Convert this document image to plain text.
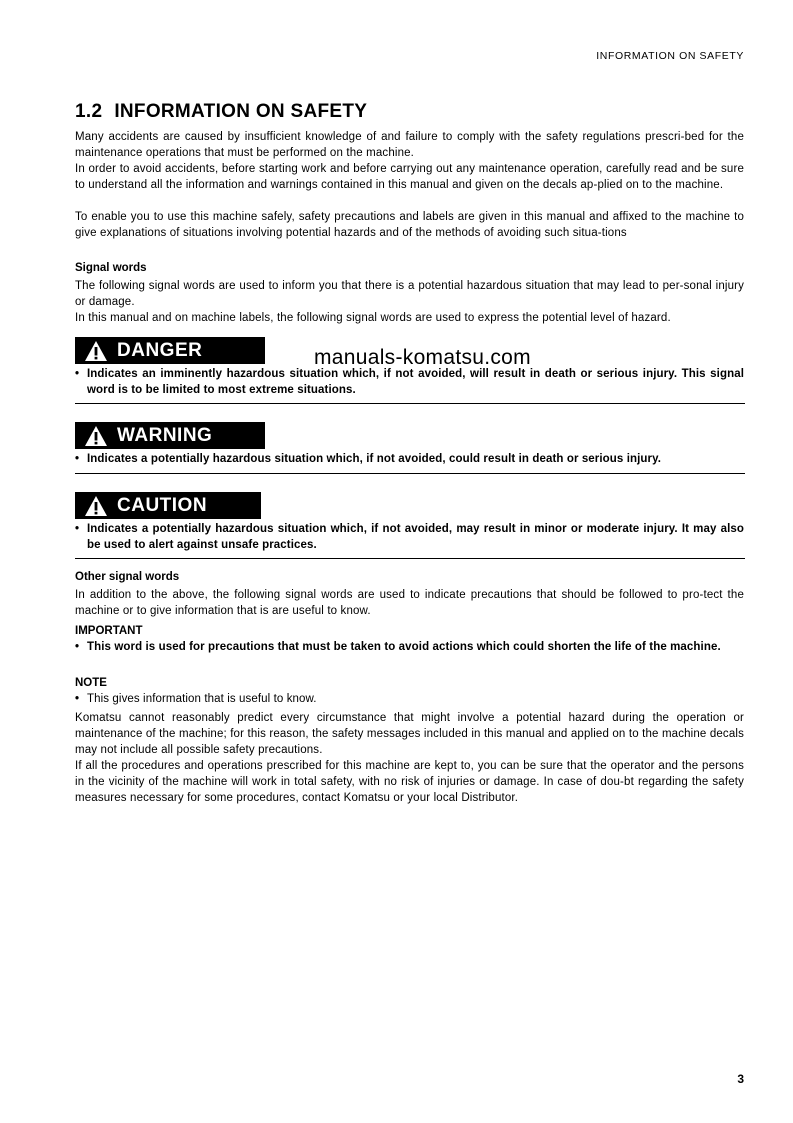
INFORMATION ON SAFETY
1.2 INFORMATION ON SAFETY

Many accidents are caused by insufficient knowledge of and failure to comply with the safety regulations prescri-bed for the maintenance operations that must be performed on the machine.

In order to avoid accidents, before starting work and before carrying out any maintenance operation, carefully read and be sure to understand all the information and warnings contained in this manual and given on the decals ap-plied on to the machine.

To enable you to use this machine safely, safety precautions and labels are given in this manual and affixed to the machine to give explanations of situations involving potential hazards and of the methods of avoiding such situa-tions

Signal words

The following signal words are used to inform you that there is a potential hazardous situation that may lead to per-sonal injury or damage.

In this manual and on machine labels, the following signal words are used to express the potential level of hazard.

DANGER	manuals-komatsu.com
• Indicates an imminently hazardous situation which, if not avoided, will result in death or serious injury. This signal word is to be limited to most extreme situations.
WARNING
• Indicates a potentially hazardous situation which, if not avoided, could result in death or serious injury.
CAUTION
• Indicates a potentially hazardous situation which, if not avoided, may result in minor or moderate injury. It may also be used to alert against unsafe practices.
Other signal words

In addition to the above, the following signal words are used to indicate precautions that should be followed to pro-tect the machine or to give information that is are useful to know.

IMPORTANT
• This word is used for precautions that must be taken to avoid actions which could shorten the life of the machine.
NOTE
• This gives information that is useful to know.

Komatsu cannot reasonably predict every circumstance that might involve a potential hazard during the operation or maintenance of the machine; for this reason, the safety messages included in this manual and applied on to the machine decals may not include all possible safety precautions.

If all the procedures and operations prescribed for this machine are kept to, you can be sure that the operator and the persons in the vicinity of the machine will work in total safety, with no risk of injuries or damage. In case of dou-bt regarding the safety measures necessary for some procedures, contact Komatsu or your local Distributor.

3
